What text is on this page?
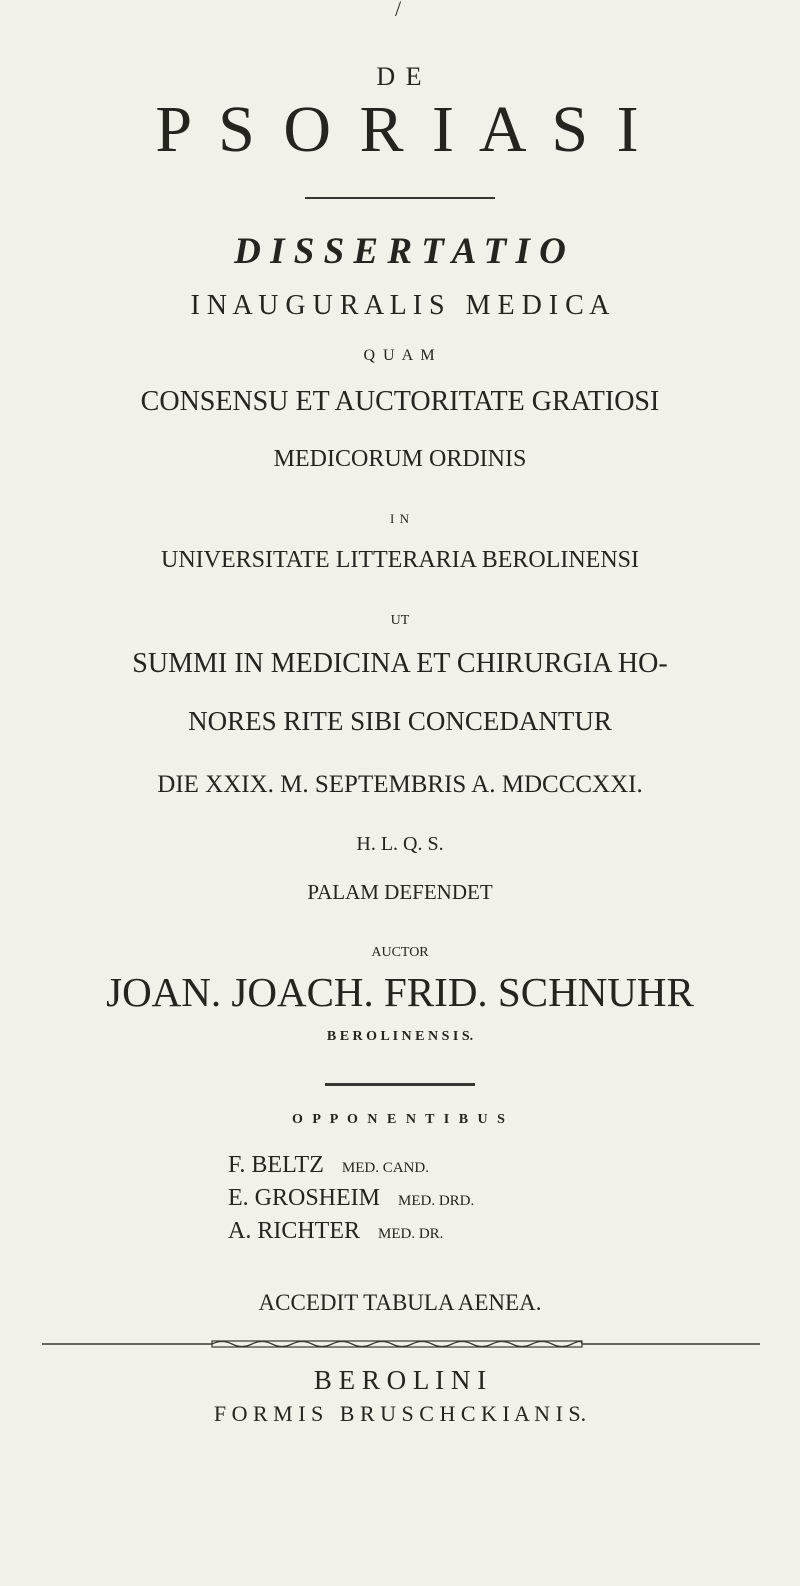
/
D E
P S O R I A S I
D I S S E R T A T I O
I N A U G U R A L I S   M E D I C A
Q U A M
CONSENSU ET AUCTORITATE GRATIOSI
MEDICORUM ORDINIS
I N
UNIVERSITATE LITTERARIA BEROLINENSI
UT
SUMMI IN MEDICINA ET CHIRURGIA HO-
NORES RITE SIBI CONCEDANTUR
DIE XXIX. M. SEPTEMBRIS A. MDCCCXXI.
H. L. Q. S.
PALAM DEFENDET
AUCTOR
JOAN. JOACH. FRID. SCHNUHR
B E R O L I N E N S I S.
O P P O N E N T I B U S
F. BELTZ MED. CAND.
E. GROSHEIM MED. DRD.
A. RICHTER MED. DR.
ACCEDIT TABULA AENEA.
B E R O L I N I
F O R M I S   B R U S C H C K I A N I S.
